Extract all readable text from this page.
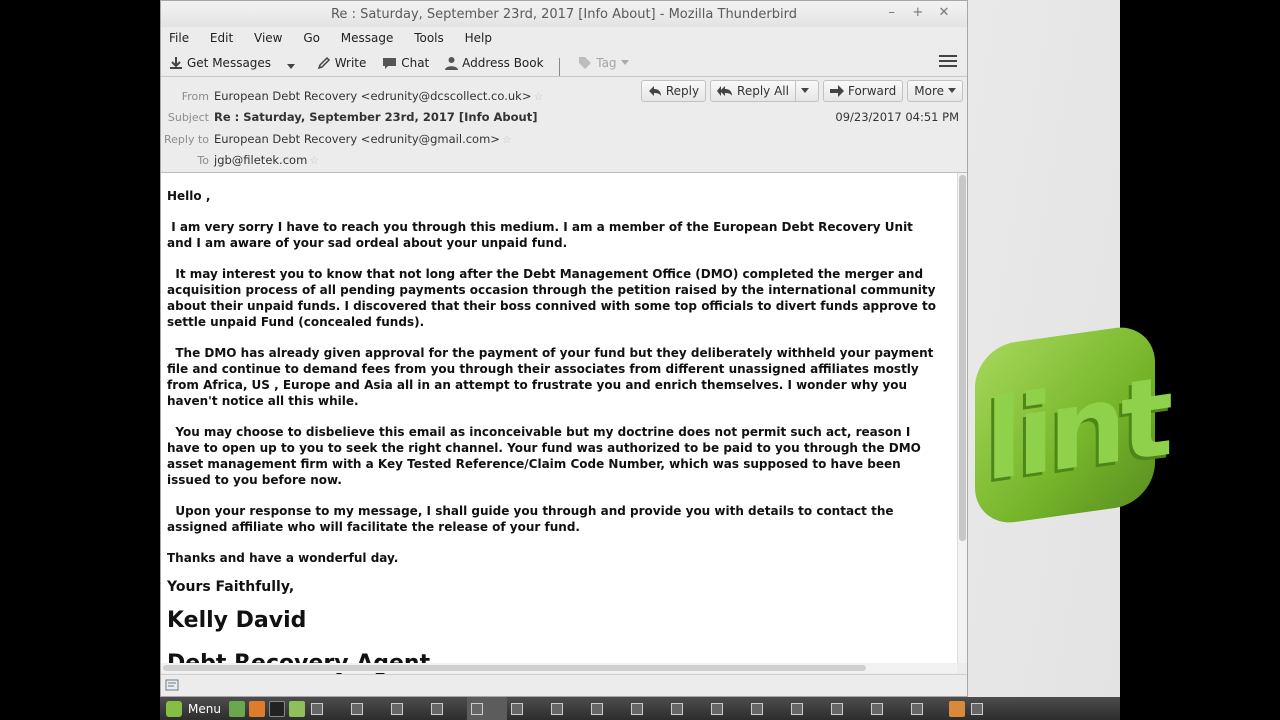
lint
Re : Saturday, September 23rd, 2017 [Info About] - Mozilla Thunderbird	– + ✕
File Edit View Go Message Tools Help
Get Messages

	Write
	Chat
	Address Book
	Tag
From European Debt Recovery <edrunity@dcscollect.co.uk> ☆
Subject Re : Saturday, September 23rd, 2017 [Info About]
Reply to European Debt Recovery <edrunity@gmail.com> ☆
To jgb@filetek.com ☆
Reply	Reply All	Forward More
09/23/2017 04:51 PM

Hello ,

I am very sorry I have to reach you through this medium. I am a member of the European Debt Recovery Unit
and I am aware of your sad ordeal about your unpaid fund.

It may interest you to know that not long after the Debt Management Office (DMO) completed the merger and
acquisition process of all pending payments occasion through the petition raised by the international community
about their unpaid funds. I discovered that their boss connived with some top officials to divert funds approve to
settle unpaid Fund (concealed funds).

The DMO has already given approval for the payment of your fund but they deliberately withheld your payment
file and continue to demand fees from you through their associates from different unassigned affiliates mostly
from Africa, US , Europe and Asia all in an attempt to frustrate you and enrich themselves. I wonder why you
haven't notice all this while.

You may choose to disbelieve this email as inconceivable but my doctrine does not permit such act, reason I
have to open up to you to seek the right channel. Your fund was authorized to be paid to you through the DMO
asset management firm with a Key Tested Reference/Claim Code Number, which was supposed to have been
issued to you before now.

Upon your response to my message, I shall guide you through and provide you with details to contact the
assigned affiliate who will facilitate the release of your fund.

Thanks and have a wonderful day.

Yours Faithfully,

Kelly David

Menu
